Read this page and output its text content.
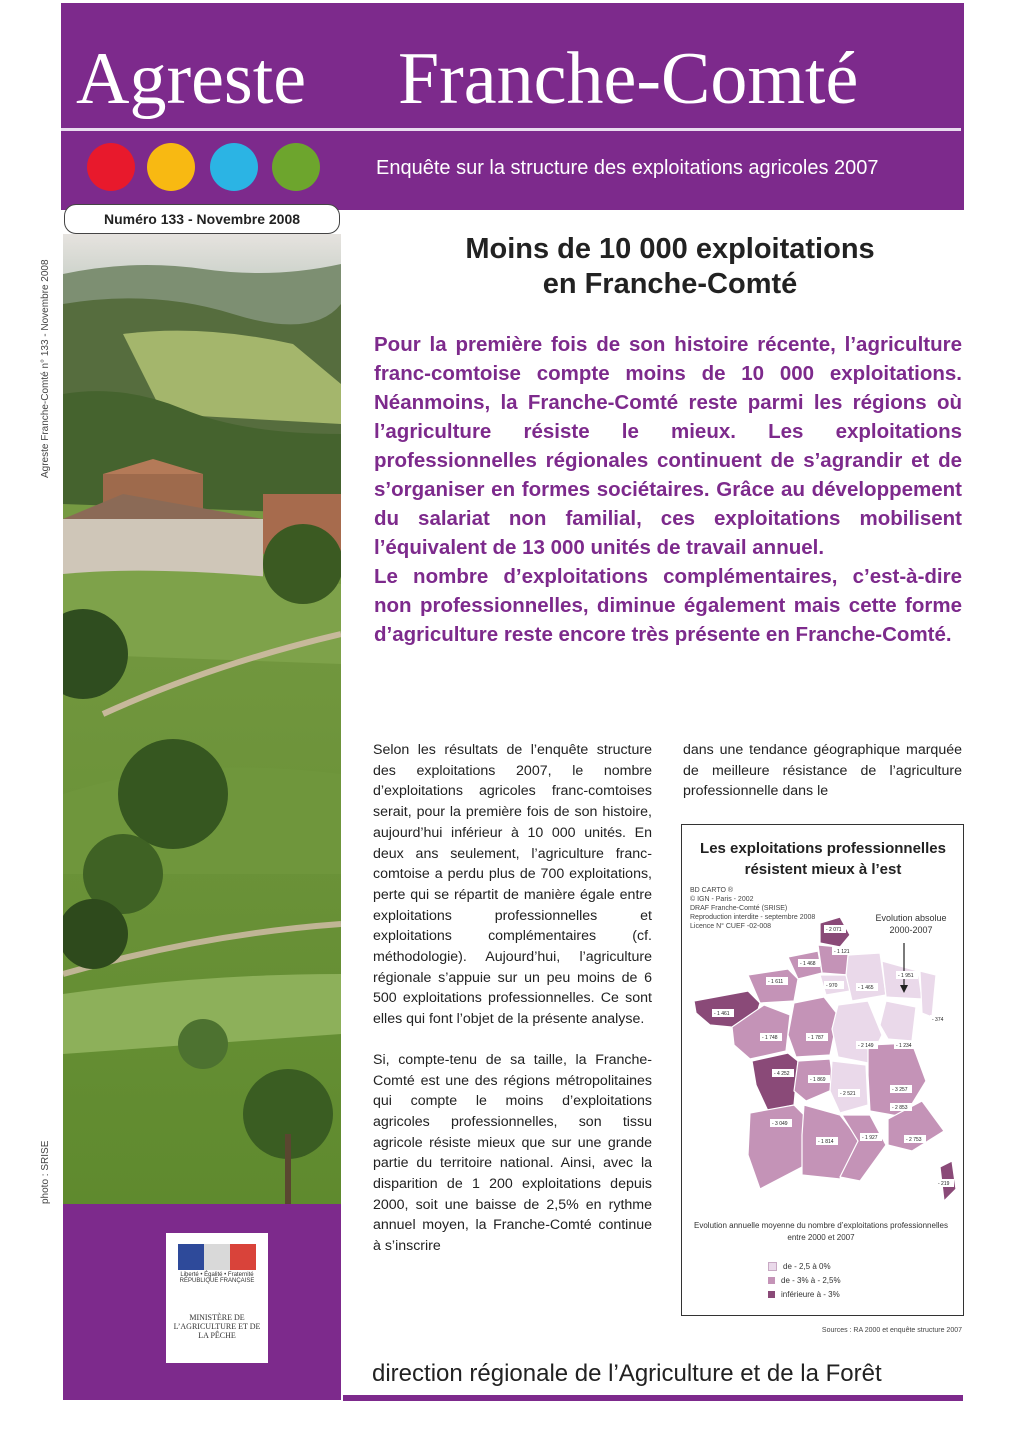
Agreste Franche-Comté n° 133 - Novembre 2008
photo : SRISE
Agreste Franche-Comté
Enquête sur la structure des exploitations agricoles 2007
Numéro 133 - Novembre 2008
Liberté • Égalité • Fraternité RÉPUBLIQUE FRANÇAISE
MINISTÈRE DE L’AGRICULTURE ET DE LA PÊCHE
Moins de 10 000 exploitations
en Franche-Comté

Pour la première fois de son histoire récente, l’agriculture franc-comtoise compte moins de 10 000 exploitations. Néanmoins, la Franche-Comté reste parmi les régions où l’agriculture résiste le mieux. Les exploitations professionnelles régionales continuent de s’agrandir et de s’organiser en formes sociétaires. Grâce au développement du salariat non familial, ces exploitations mobilisent l’équivalent de 13 000 unités de travail annuel.

Le nombre d’exploitations complémentaires, c’est-à-dire non professionnelles, diminue également mais cette forme d’agriculture reste encore très présente en Franche-Comté.

Selon les résultats de l’enquête structure des exploitations 2007, le nombre d’exploitations agricoles franc-comtoises serait, pour la première fois de son histoire, aujourd’hui inférieur à 10 000 unités. En deux ans seulement, l’agriculture franc-comtoise a perdu plus de 700 exploitations, perte qui se répartit de manière égale entre exploitations professionnelles et exploitations complémentaires (cf. méthodologie). Aujourd’hui, l’agriculture régionale s’appuie sur un peu moins de 6 500 exploitations professionnelles. Ce sont elles qui font l’objet de la présente analyse.

Si, compte-tenu de sa taille, la Franche-Comté est une des régions métropolitaines qui compte le moins d’exploitations agricoles professionnelles, son tissu agricole résiste mieux que sur une grande partie du territoire national. Ainsi, avec la disparition de 1 200 exploitations depuis 2000, soit une baisse de 2,5% en rythme annuel moyen, la Franche-Comté continue à s’inscrire

dans une tendance géographique marquée de meilleure résistance de l’agriculture professionnelle dans le

Les exploitations professionnelles résistent mieux à l’est
BD CARTO ®
© IGN - Paris - 2002
DRAF Franche-Comté (SRISE)
Reproduction interdite - septembre 2008
Licence N° CUEF -02-008
Evolution absolue
2000-2007
- 2 071
- 1 121
- 1 468
- 1 951
- 1 465
- 1 611
- 970
- 1 461
- 1 748	- 1 787
- 2 149	- 1 234
- 4 252
- 1 869
- 2 521
- 3 257
- 3 049
- 1 814
- 1 927	- 2 753
- 374
- 219
- 2 853
Evolution annuelle moyenne du nombre d’exploitations professionnelles entre 2000 et 2007
de - 2,5 à 0%
de - 3% à - 2,5%
inférieure à - 3%
Sources : RA 2000 et enquête structure 2007
direction régionale de l’Agriculture et de la Forêt
